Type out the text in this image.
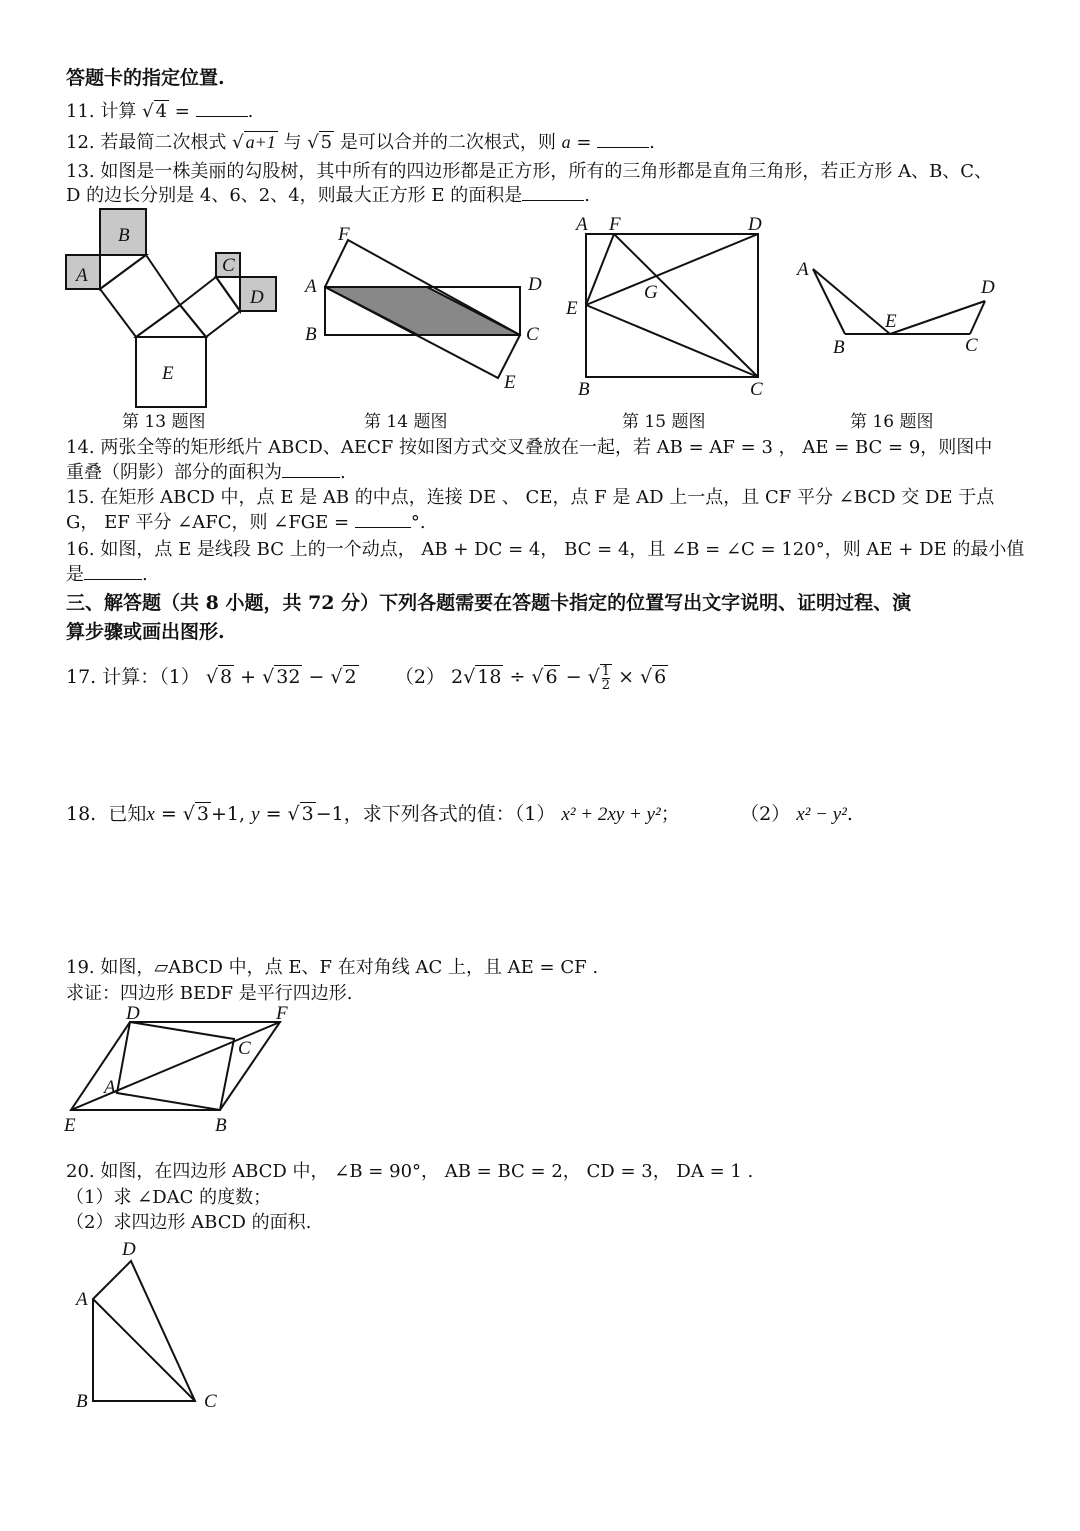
答题卡的指定位置.
11. 计算 √ 4 =	.
12. 若最简二次根式 √ a+1 与 √ 5 是可以合并的二次根式，则 a =	.
13. 如图是一株美丽的勾股树，其中所有的四边形都是正方形，所有的三角形都是直角三角形，若正方形 A、B、C、
D 的边长分别是 4、6、2、4，则最大正方形 E 的面积是	.
B
A	C
D
E
第 13 题图
F
A	D
B	C
E
第 14 题图
A F	D
E
G
B	C
第 15 题图
A
D
E
B	C
第 16 题图
14. 两张全等的矩形纸片 ABCD、AECF 按如图方式交叉叠放在一起，若 AB = AF = 3 ， AE = BC = 9，则图中
重叠（阴影）部分的面积为	.
15. 在矩形 ABCD 中，点 E 是 AB 的中点，连接 DE 、 CE，点 F 是 AD 上一点，且 CF 平分 ∠BCD 交 DE 于点
G， EF 平分 ∠AFC，则 ∠FGE =	°.
16. 如图，点 E 是线段 BC 上的一个动点， AB + DC = 4， BC = 4，且 ∠B = ∠C = 120°，则 AE + DE 的最小值
是	.
三、解答题（共 8 小题，共 72 分）下列各题需要在答题卡指定的位置写出文字说明、证明过程、演
算步骤或画出图形.
17. 计算：（1） √ 8 + √ 32 − √ 2 （2） 2√ 18 ÷ √ 6 − √ $\frac{1}{2}$ × √ 6
18. 已知x = √ 3 +1, y = √ 3 −1，求下列各式的值：（1） x² + 2xy + y²；	（2） x² − y².
19. 如图，▱ABCD 中，点 E、F 在对角线 AC 上，且 AE = CF .
求证：四边形 BEDF 是平行四边形.
D	F
C
A
E	B
20. 如图，在四边形 ABCD 中， ∠B = 90°， AB = BC = 2， CD = 3， DA = 1 .
（1）求 ∠DAC 的度数；
（2）求四边形 ABCD 的面积.
D
A
B	C
